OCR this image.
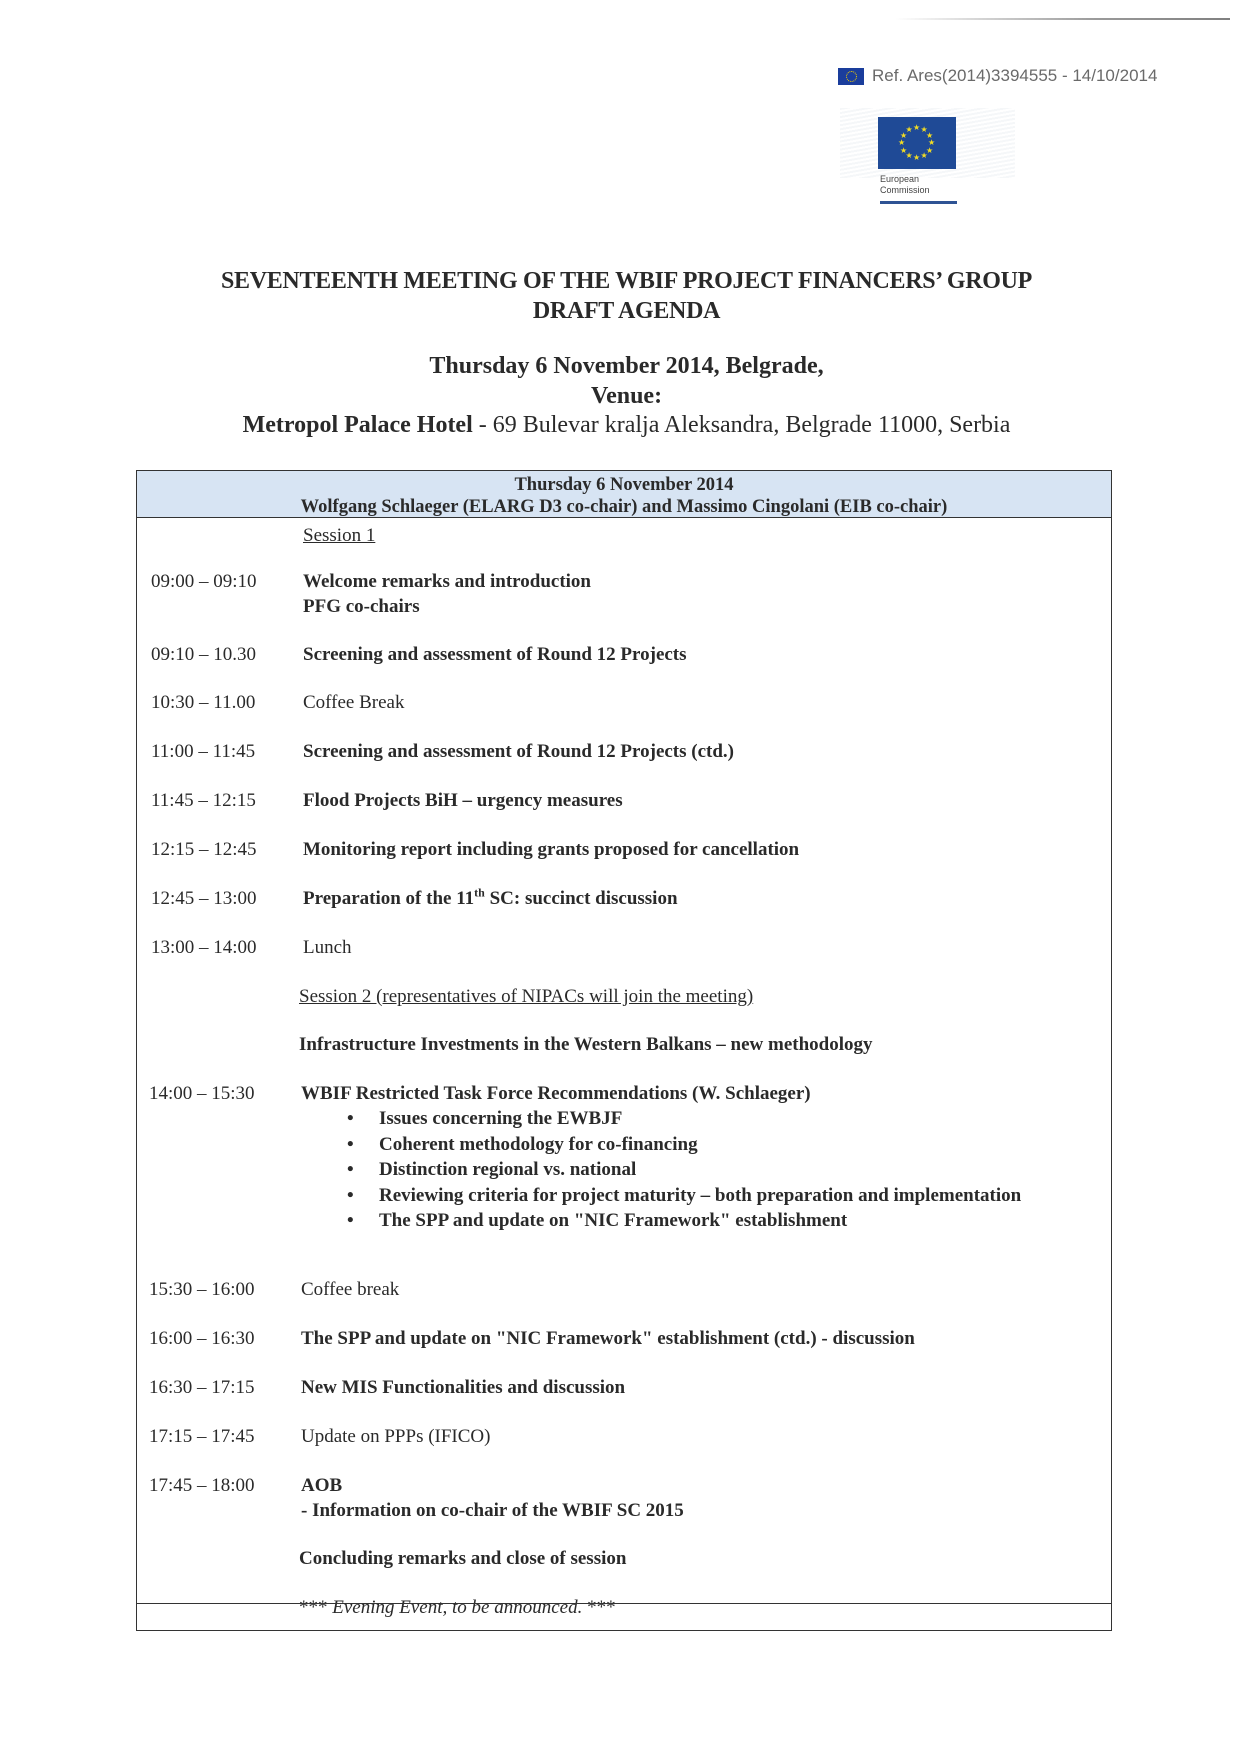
Ref. Ares(2014)3394555 - 14/10/2014
★ ★
★
★
★
★
★
★
★
★
★
★
European
Commission
SEVENTEENTH MEETING OF THE WBIF PROJECT FINANCERS’ GROUP
DRAFT AGENDA
Thursday 6 November 2014, Belgrade,
Venue:
Metropol Palace Hotel - 69 Bulevar kralja Aleksandra, Belgrade 11000, Serbia
Thursday 6 November 2014
Wolfgang Schlaeger (ELARG D3 co-chair) and Massimo Cingolani (EIB co-chair)
Session 1
09:00 – 09:10	Welcome remarks and introduction
PFG co-chairs
09:10 – 10.30	Screening and assessment of Round 12 Projects
10:30 – 11.00	Coffee Break
11:00 – 11:45	Screening and assessment of Round 12 Projects (ctd.)
11:45 – 12:15	Flood Projects BiH – urgency measures
12:15 – 12:45	Monitoring report including grants proposed for cancellation
12:45 – 13:00	Preparation of the 11th SC: succinct discussion
13:00 – 14:00	Lunch
Session 2 (representatives of NIPACs will join the meeting)
Infrastructure Investments in the Western Balkans – new methodology
14:00 – 15:30	WBIF Restricted Task Force Recommendations (W. Schlaeger)
• Issues concerning the EWBJF
• Coherent methodology for co-financing
• Distinction regional vs. national
• Reviewing criteria for project maturity – both preparation and implementation
• The SPP and update on "NIC Framework" establishment
15:30 – 16:00	Coffee break
16:00 – 16:30	The SPP and update on "NIC Framework" establishment (ctd.) - discussion
16:30 – 17:15	New MIS Functionalities and discussion
17:15 – 17:45	Update on PPPs (IFICO)
17:45 – 18:00	AOB
- Information on co-chair of the WBIF SC 2015
Concluding remarks and close of session
*** Evening Event, to be announced. ***
